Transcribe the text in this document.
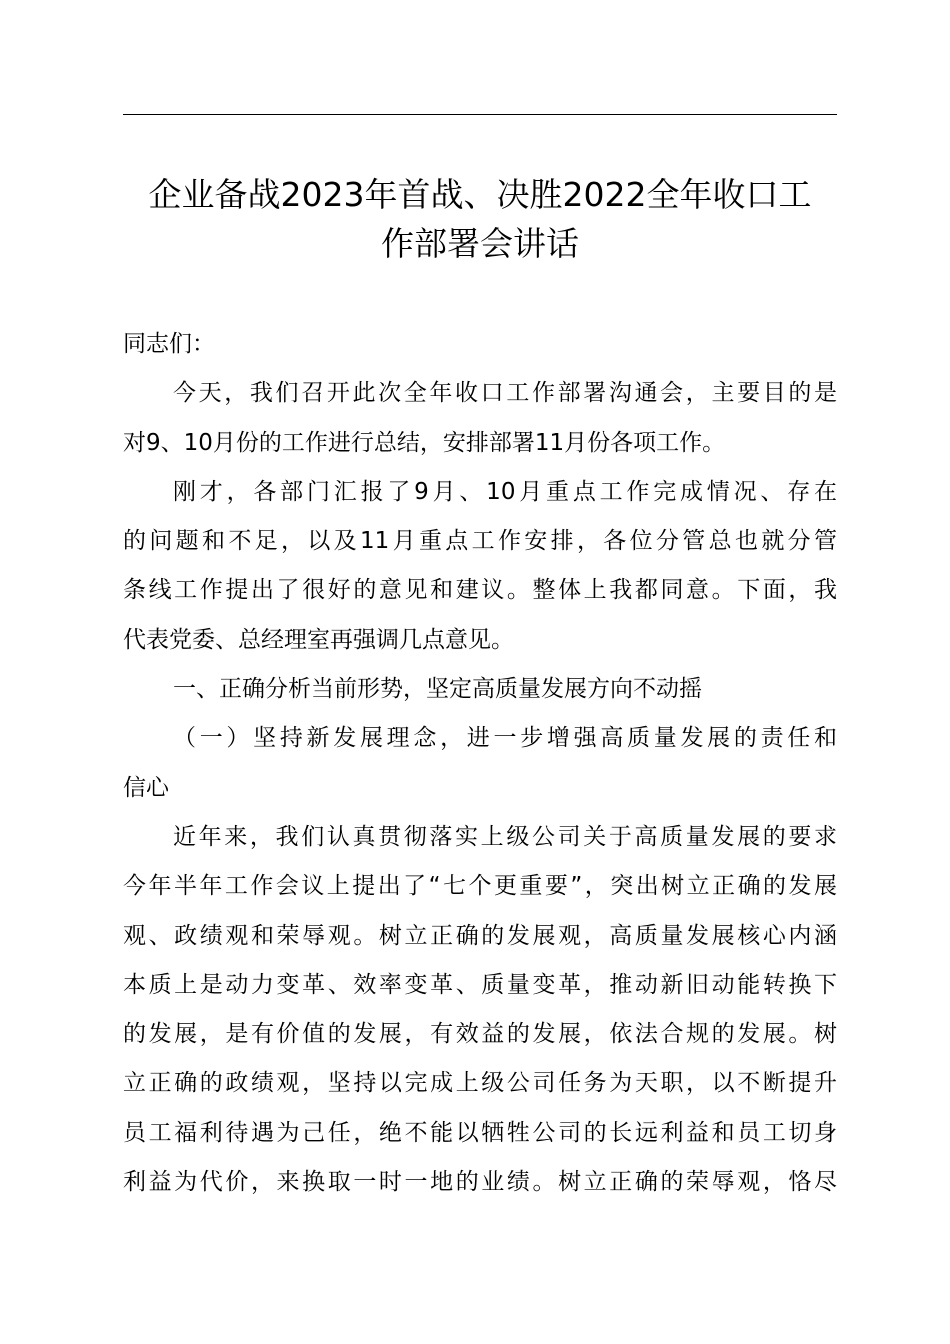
企业备战2023年首战、决胜2022全年收口工
作部署会讲话
同志们：
今天，我们召开此次全年收口工作部署沟通会，主要目的是
对9、10月份的工作进行总结，安排部署11月份各项工作。
刚才，各部门汇报了9月、10月重点工作完成情况、存在
的问题和不足，以及11月重点工作安排，各位分管总也就分管
条线工作提出了很好的意见和建议。整体上我都同意。下面，我
代表党委、总经理室再强调几点意见。
一、正确分析当前形势，坚定高质量发展方向不动摇
（一）坚持新发展理念，进一步增强高质量发展的责任和
信心
近年来，我们认真贯彻落实上级公司关于高质量发展的要求
今年半年工作会议上提出了“七个更重要”，突出树立正确的发展
观、政绩观和荣辱观。树立正确的发展观，高质量发展核心内涵
本质上是动力变革、效率变革、质量变革，推动新旧动能转换下
的发展，是有价值的发展，有效益的发展，依法合规的发展。树
立正确的政绩观，坚持以完成上级公司任务为天职，以不断提升
员工福利待遇为己任，绝不能以牺牲公司的长远利益和员工切身
利益为代价，来换取一时一地的业绩。树立正确的荣辱观，恪尽
